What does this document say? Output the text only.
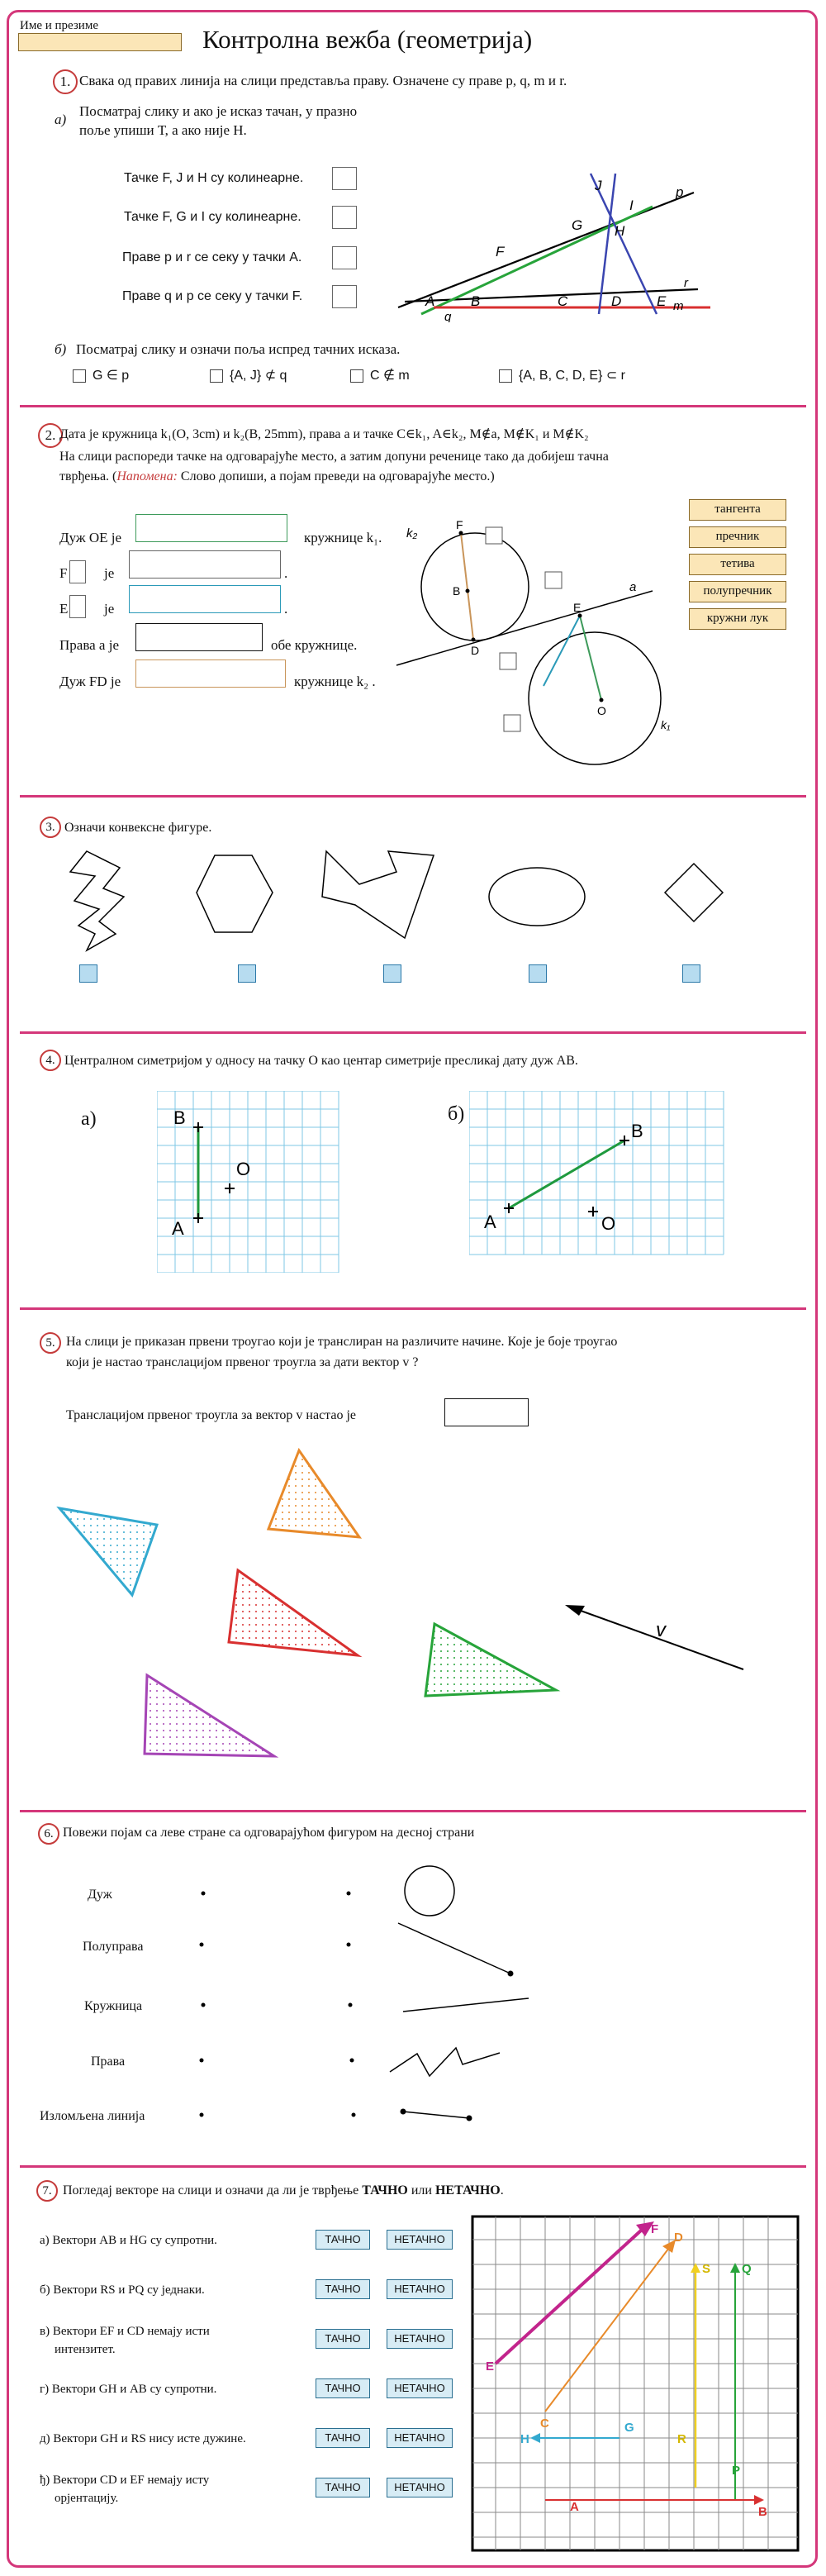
Име и презиме	Контролна вежба (геометрија)
1. Свака од правих линија на слици представља праву. Означене су праве p, q, m и r.
а)
Посматрај слику и ако је исказ тачан, у празно
поље упиши Т, а ако није Н.
Тачке F, J и H су колинеарне.
Тачке F, G и I су колинеарне.
Праве p и r се секу у тачки A.
Праве q и p се секу у тачки F.
J
I
p
G H
F
r
A	B	C	D	E m
q
б) Посматрај слику и означи поља испред тачних исказа.
G ∈ p	{A, J} ⊄ q	C ∉ m	{A, B, C, D, E} ⊂ r
2. Дата је кружница k₁(O, 3cm) и k₂(B, 25mm), права a и тачке C∈k₁, A∈k₂, M∉a, M∉K₁ и M∉K₂
На слици распореди тачке на одговарајуће место, а затим допуни реченице тако да добијеш тачна
тврђења. (Напомена: Слово допиши, а појам преведи на одговарајуће место.)
Дуж OE је	кружнице k₁.
F	је	.
E	је	.
Права a је	обе кружнице.
Дуж FD је	кружнице k₂ .
k₂
F
B
D
a
E
O
k₁
тангента
пречник
тетива
полупречник
кружни лук
3. Означи конвексне фигуре.
4. Централном симетријом у односу на тачку О као центар симетрије пресликај дату дуж АВ.
а)	б)
B
O
A
B
O
A
5. На слици је приказан првени троугао који је транслиран на различите начине. Које је боје троугао
који је настао транслацијом првеног троугла за дати вектор v ?
Транслацијом првеног троугла за вектор v настао је
v
6. Повежи појам са леве стране са одговарајућом фигуром на десној страни
Дуж
Полуправа
Кружница
Права
Изломљена линија
7. Погледај векторе на слици и означи да ли је тврђење ТАЧНО или НЕТАЧНО.
а) Вектори AB и HG су супротни.	ТАЧНО	НЕТАЧНО
б) Вектори RS и PQ су једнаки.	ТАЧНО	НЕТАЧНО
в) Вектори EF и CD немају исти
интензитет.
ТАЧНО	НЕТАЧНО
г) Вектори GH и AB су супротни.	ТАЧНО	НЕТАЧНО
д) Вектори GH и RS нису исте дужине.	ТАЧНО	НЕТАЧНО
ђ) Вектори CD и EF немају исту
орјентацију.
ТАЧНО	НЕТАЧНО
F
D
E
C
S	Q
H
G
R
P
A	B
